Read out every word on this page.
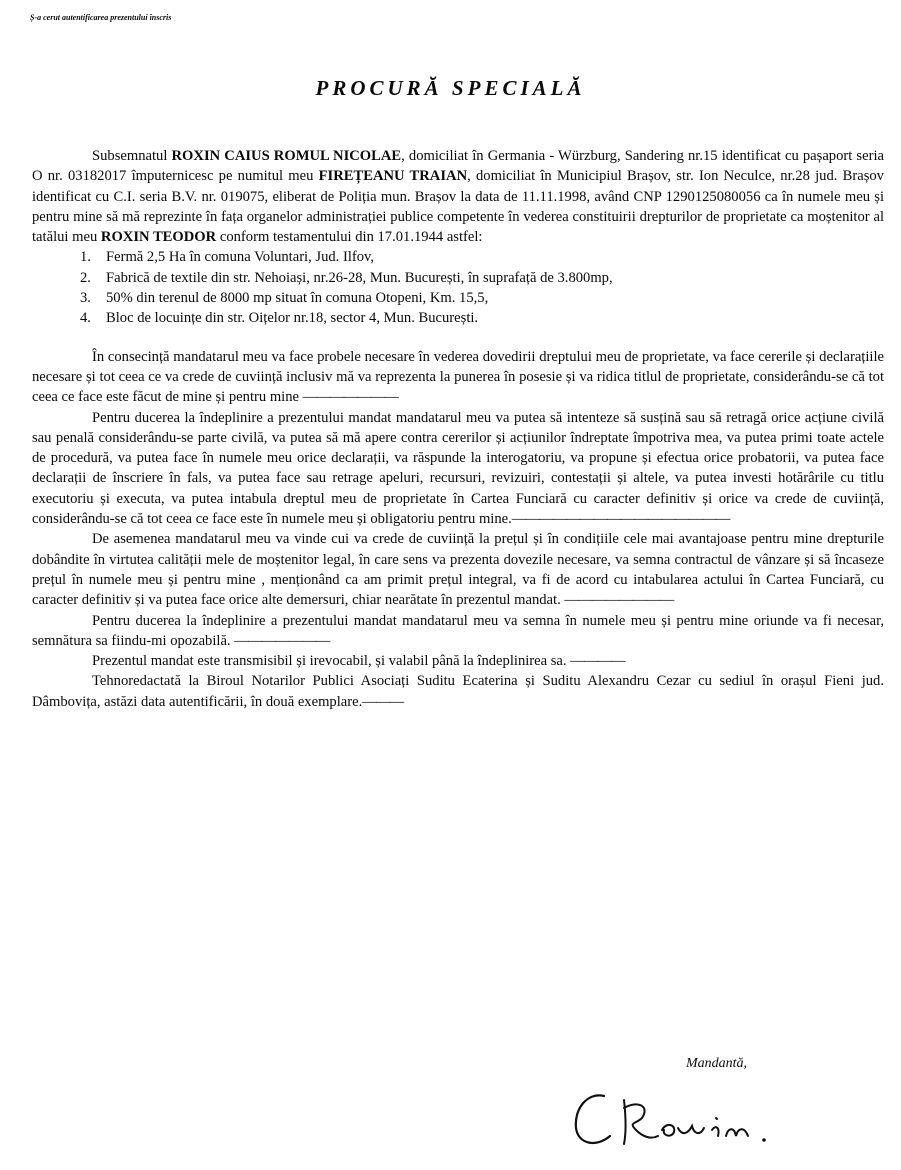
Ș-a cerut autentificarea prezentului înscris
PROCURĂ SPECIALĂ

Subsemnatul ROXIN CAIUS ROMUL NICOLAE, domiciliat în Germania - Würzburg, Sandering nr.15 identificat cu pașaport seria O nr. 03182017 împuternicesc pe numitul meu FIREȚEANU TRAIAN, domiciliat în Municipiul Brașov, str. Ion Neculce, nr.28 jud. Brașov identificat cu C.I. seria B.V. nr. 019075, eliberat de Poliția mun. Brașov la data de 11.11.1998, având CNP 1290125080056 ca în numele meu și pentru mine să mă reprezinte în fața organelor administrației publice competente în vederea constituirii drepturilor de proprietate ca moștenitor al tatălui meu ROXIN TEODOR conform testamentului din 17.01.1944 astfel:

1.	Fermă 2,5 Ha în comuna Voluntari, Jud. Ilfov,
2.	Fabrică de textile din str. Nehoiași, nr.26-28, Mun. București, în suprafață de 3.800mp,
3.	50% din terenul de 8000 mp situat în comuna Otopeni, Km. 15,5,
4.	Bloc de locuințe din str. Oițelor nr.18, sector 4, Mun. București.

În consecință mandatarul meu va face probele necesare în vederea dovedirii dreptului meu de proprietate, va face cererile și declarațiile necesare și tot ceea ce va crede de cuviință inclusiv mă va reprezenta la punerea în posesie și va ridica titlul de proprietate, considerându-se că tot ceea ce face este făcut de mine și pentru mine ———————

Pentru ducerea la îndeplinire a prezentului mandat mandatarul meu va putea să intenteze să susțină sau să retragă orice acțiune civilă sau penală considerându-se parte civilă, va putea să mă apere contra cererilor și acțiunilor îndreptate împotriva mea, va putea primi toate actele de procedură, va putea face în numele meu orice declarații, va răspunde la interogatoriu, va propune și efectua orice probatorii, va putea face declarații de înscriere în fals, va putea face sau retrage apeluri, recursuri, revizuiri, contestații și altele, va putea investi hotărârile cu titlu executoriu și executa, va putea intabula dreptul meu de proprietate în Cartea Funciară cu caracter definitiv și orice va crede de cuviință, considerându-se că tot ceea ce face este în numele meu și obligatoriu pentru mine.————————————————

De asemenea mandatarul meu va vinde cui va crede de cuviință la prețul și în condițiile cele mai avantajoase pentru mine drepturile dobândite în virtutea calității mele de moștenitor legal, în care sens va prezenta dovezile necesare, va semna contractul de vânzare și să încaseze prețul în numele meu și pentru mine , menționând ca am primit prețul integral, va fi de acord cu intabularea actului în Cartea Funciară, cu caracter definitiv și va putea face orice alte demersuri, chiar nearătate în prezentul mandat. ————————

Pentru ducerea la îndeplinire a prezentului mandat mandatarul meu va semna în numele meu și pentru mine oriunde va fi necesar, semnătura sa fiindu-mi opozabilă. ———————

Prezentul mandat este transmisibil și irevocabil, și valabil până la îndeplinirea sa. ————

Tehnoredactată la Biroul Notarilor Publici Asociați Suditu Ecaterina și Suditu Alexandru Cezar cu sediul în orașul Fieni jud. Dâmbovița, astăzi data autentificării, în două exemplare.———

Mandantă,
